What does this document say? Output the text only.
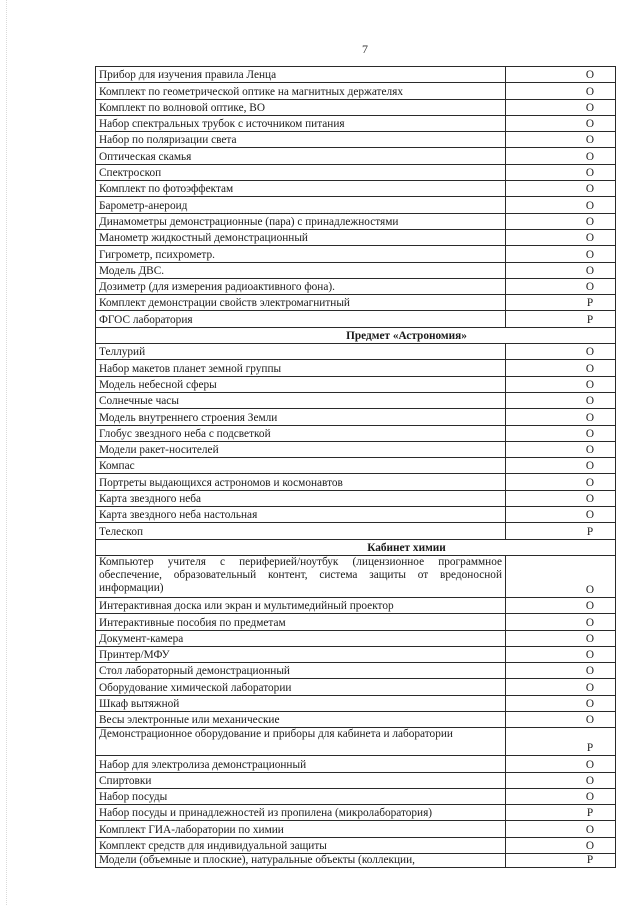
7
Прибор для изучения правила Ленца	О
Комплект по геометрической оптике на магнитных держателях	О
Комплект по волновой оптике, ВО	О
Набор спектральных трубок с источником питания	О
Набор по поляризации света	О
Оптическая скамья	О
Спектроскоп	О
Комплект по фотоэффектам	О
Барометр-анероид	О
Динамометры демонстрационные (пара) с принадлежностями	О
Манометр жидкостный демонстрационный	О
Гигрометр, психрометр.	О
Модель ДВС.	О
Дозиметр (для измерения радиоактивного фона).	О
Комплект демонстрации свойств электромагнитный	Р
ФГОС лаборатория	Р
Предмет «Астрономия»	
Теллурий	О
Набор макетов планет земной группы	О
Модель небесной сферы	О
Солнечные часы	О
Модель внутреннего строения Земли	О
Глобус звездного неба с подсветкой	О
Модели ракет-носителей	О
Компас	О
Портреты выдающихся астрономов и космонавтов	О
Карта звездного неба	О
Карта звездного неба настольная	О
Телескоп	Р
Кабинет химии	
Компьютер учителя с периферией/ноутбук (лицензионное программное обеспечение, образовательный контент, система защиты от вредоносной информации)	О
Интерактивная доска или экран и мультимедийный проектор	О
Интерактивные пособия по предметам	О
Документ-камера	О
Принтер/МФУ	О
Стол лабораторный демонстрационный	О
Оборудование химической лаборатории	О
Шкаф вытяжной	О
Весы электронные или механические	О
Демонстрационное оборудование и приборы для кабинета и лаборатории	Р
Набор для электролиза демонстрационный	О
Спиртовки	О
Набор посуды	О
Набор посуды и принадлежностей из пропилена (микролаборатория)	Р
Комплект ГИА-лаборатории по химии	О
Комплект средств для индивидуальной защиты	О
Модели (объемные и плоские), натуральные объекты (коллекции,	Р
